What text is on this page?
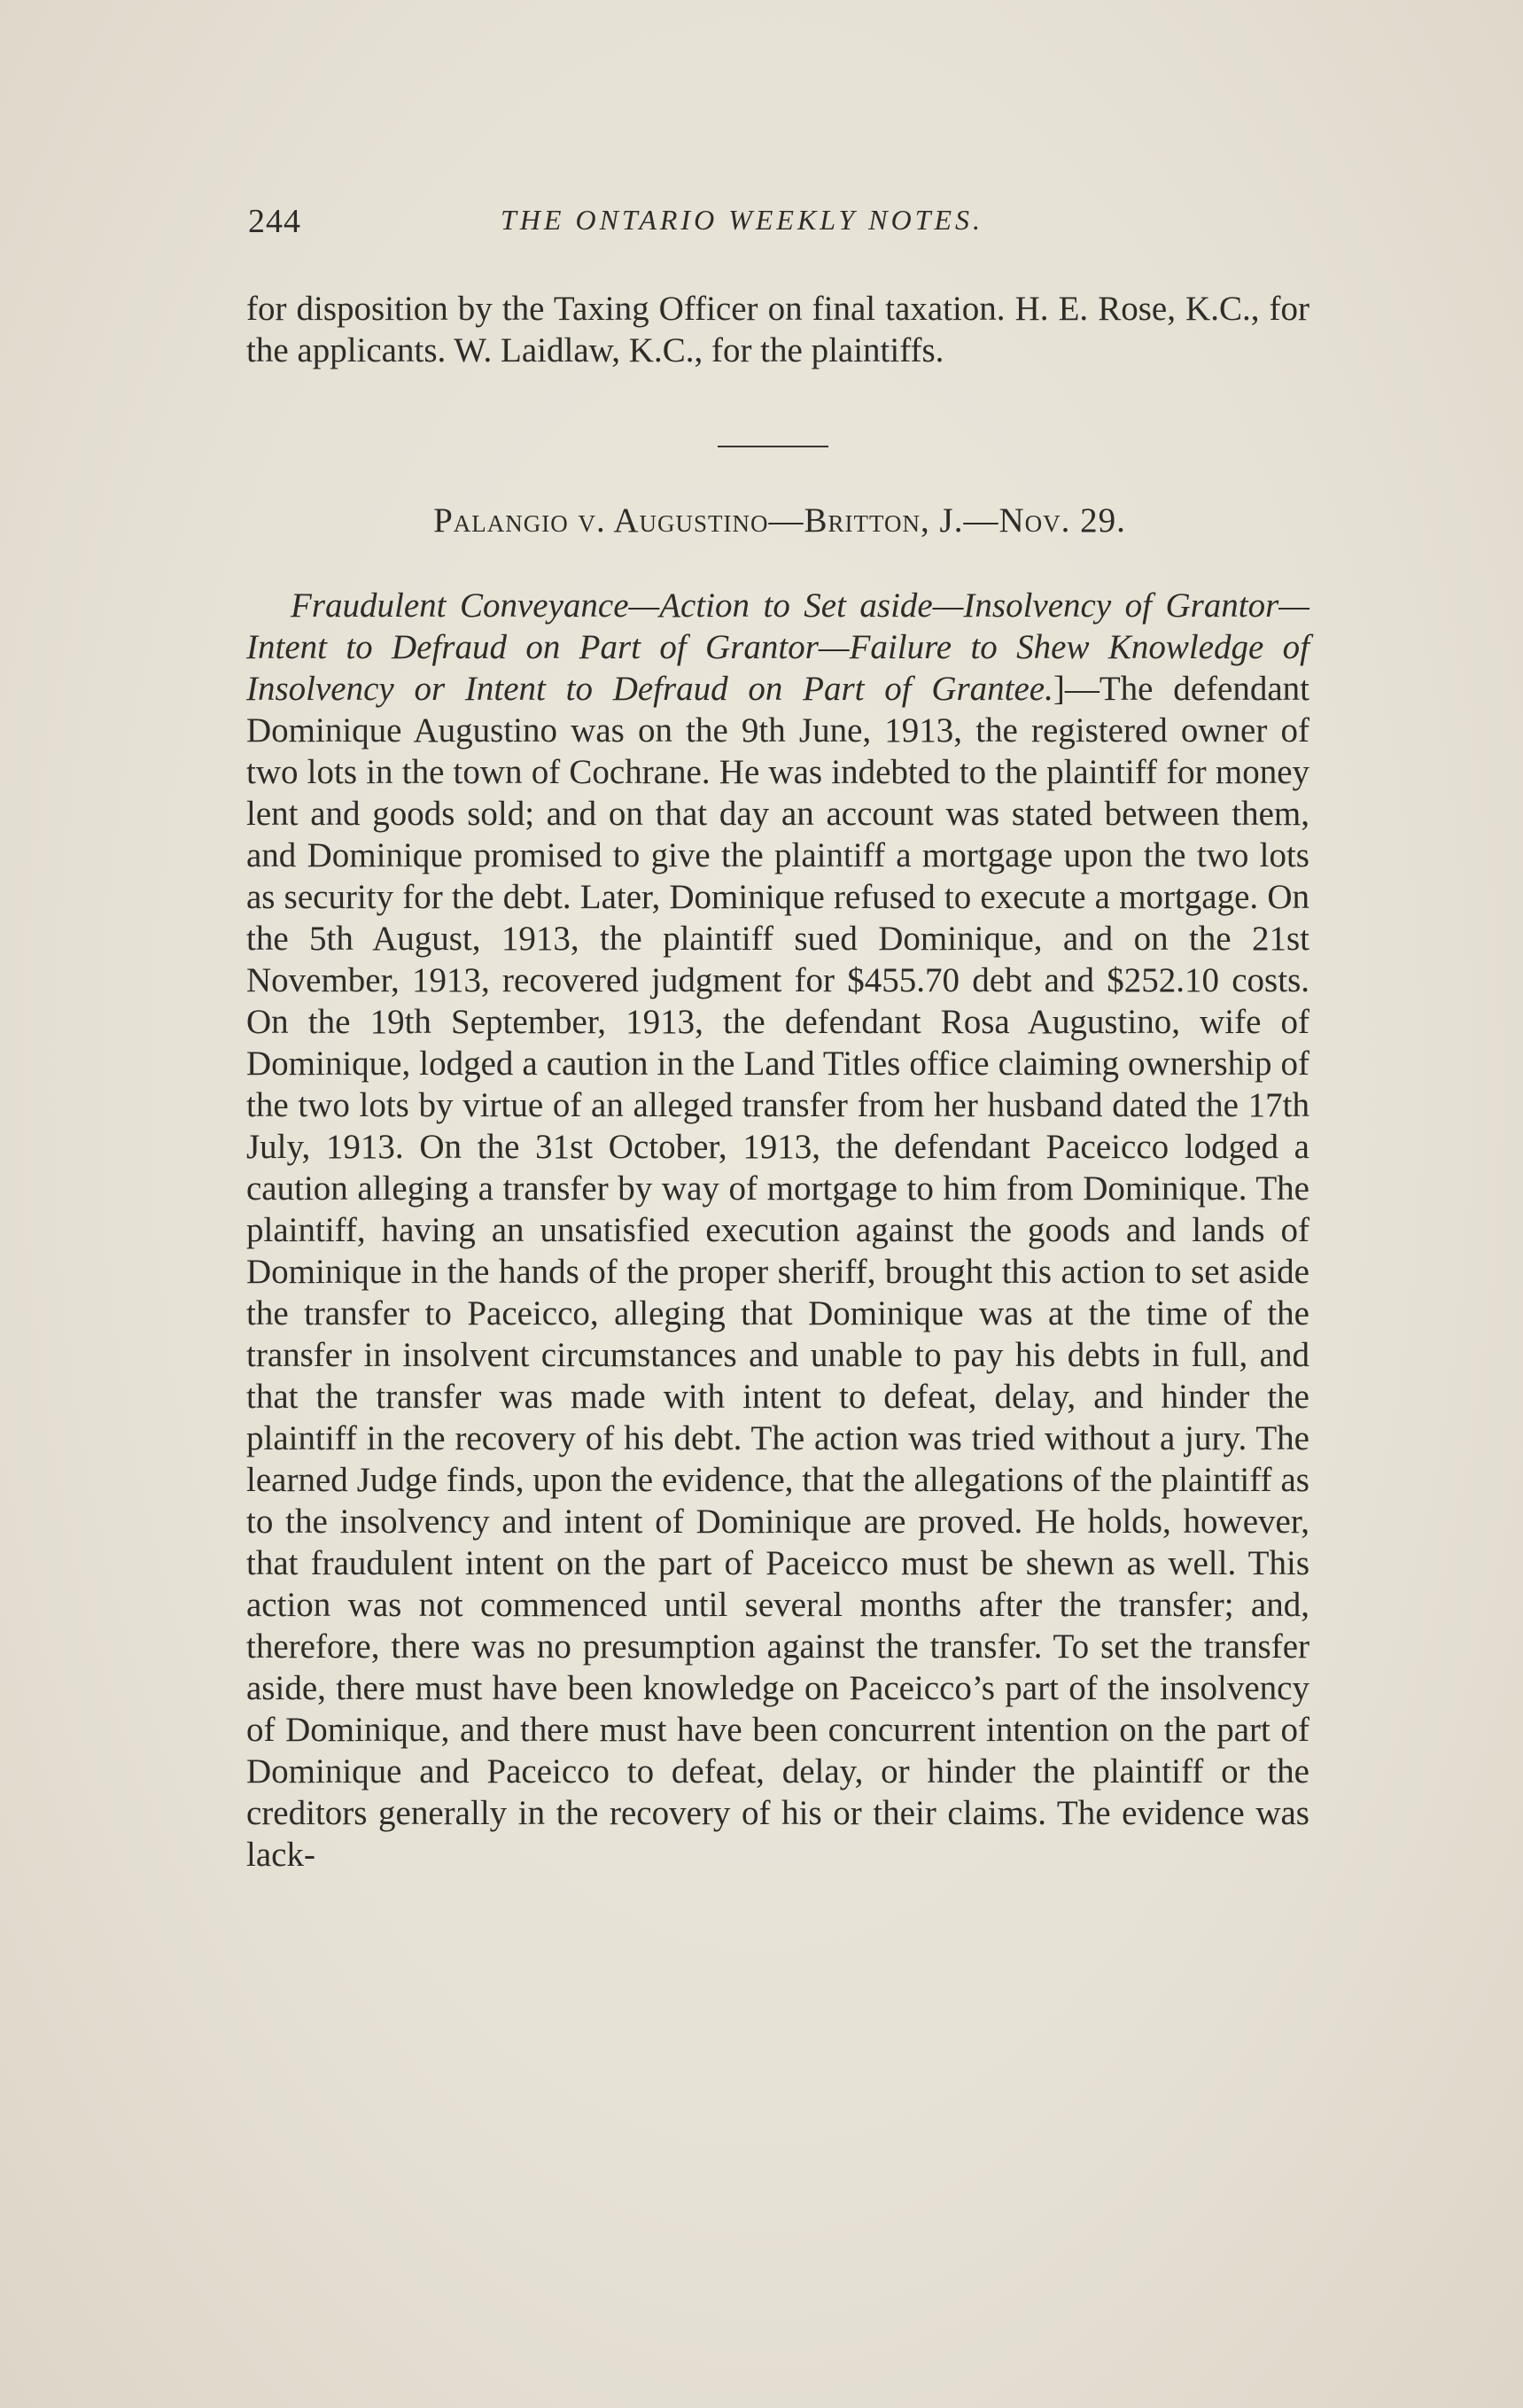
244	THE ONTARIO WEEKLY NOTES.

for disposition by the Taxing Officer on final taxation. H. E. Rose, K.C., for the applicants. W. Laidlaw, K.C., for the plaintiffs.

Palangio v. Augustino—Britton, J.—Nov. 29.

Fraudulent Conveyance—Action to Set aside—Insolvency of Grantor—Intent to Defraud on Part of Grantor—Failure to Shew Knowledge of Insolvency or Intent to Defraud on Part of Grantee.]—The defendant Dominique Augustino was on the 9th June, 1913, the registered owner of two lots in the town of Cochrane. He was indebted to the plaintiff for money lent and goods sold; and on that day an account was stated between them, and Dominique promised to give the plaintiff a mortgage upon the two lots as security for the debt. Later, Dominique refused to execute a mortgage. On the 5th August, 1913, the plaintiff sued Dominique, and on the 21st November, 1913, recovered judgment for $455.70 debt and $252.10 costs. On the 19th September, 1913, the defendant Rosa Augustino, wife of Dominique, lodged a caution in the Land Titles office claiming ownership of the two lots by virtue of an alleged transfer from her husband dated the 17th July, 1913. On the 31st October, 1913, the defendant Paceicco lodged a caution alleging a transfer by way of mortgage to him from Dominique. The plaintiff, having an unsatisfied execution against the goods and lands of Dominique in the hands of the proper sheriff, brought this action to set aside the transfer to Paceicco, alleging that Dominique was at the time of the transfer in insolvent circumstances and unable to pay his debts in full, and that the transfer was made with intent to defeat, delay, and hinder the plaintiff in the recovery of his debt. The action was tried without a jury. The learned Judge finds, upon the evidence, that the allegations of the plaintiff as to the insolvency and intent of Dominique are proved. He holds, however, that fraudulent intent on the part of Paceicco must be shewn as well. This action was not commenced until several months after the transfer; and, therefore, there was no presumption against the transfer. To set the transfer aside, there must have been knowledge on Paceicco’s part of the insolvency of Dominique, and there must have been concurrent intention on the part of Dominique and Paceicco to defeat, delay, or hinder the plaintiff or the creditors generally in the recovery of his or their claims. The evidence was lack-
